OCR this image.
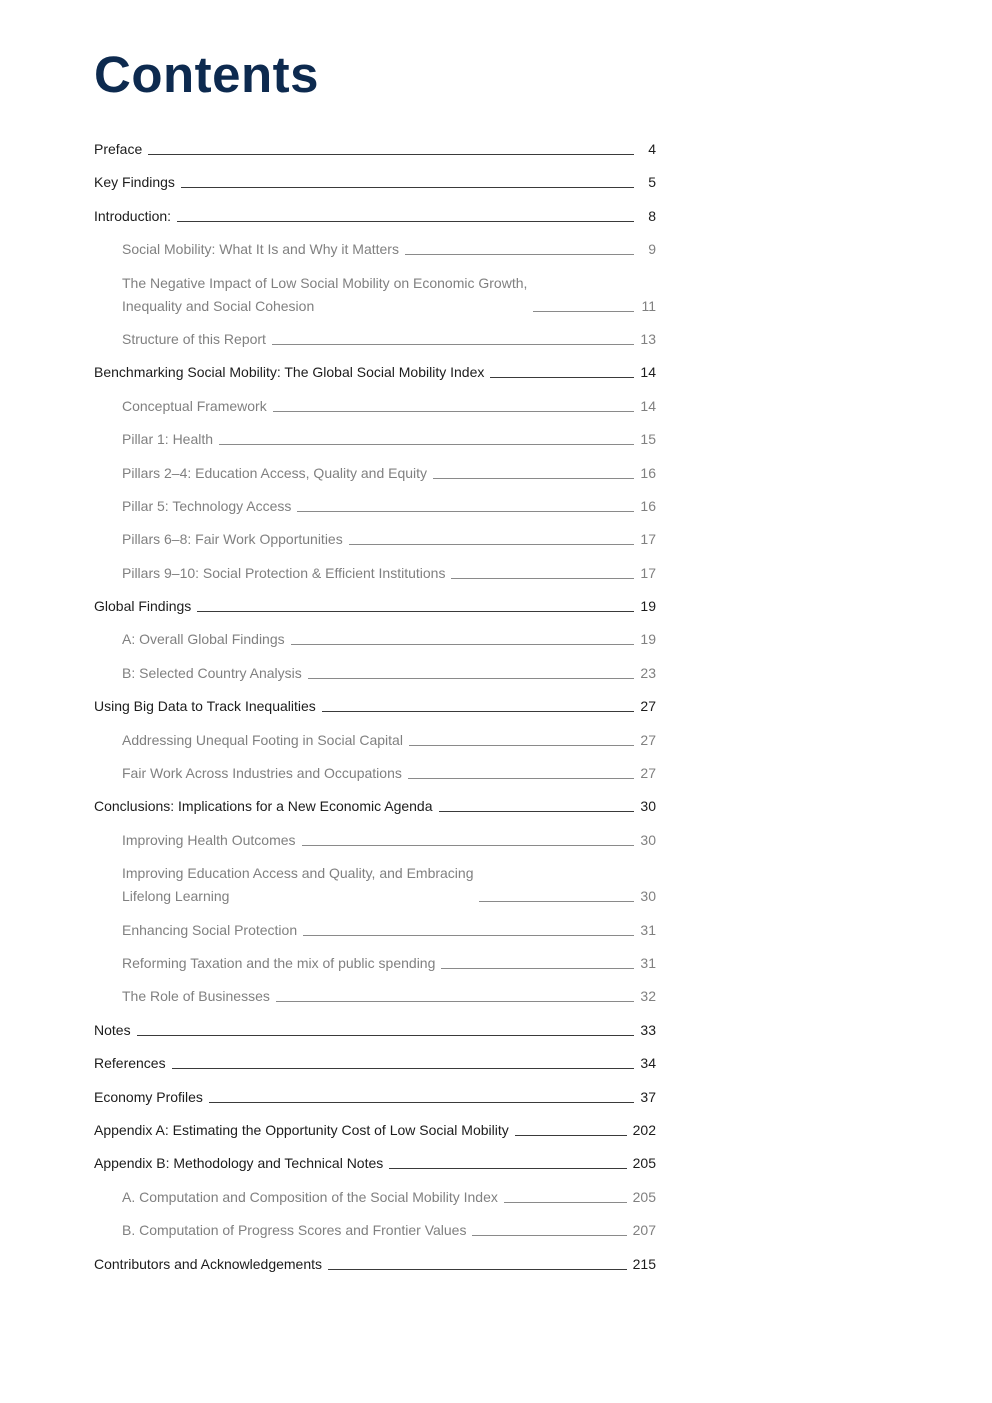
Contents
Preface	4
Key Findings	5
Introduction:	8
Social Mobility: What It Is and Why it Matters	9
The Negative Impact of Low Social Mobility on Economic Growth,
Inequality and Social Cohesion	11
Structure of this Report	13
Benchmarking Social Mobility: The Global Social Mobility Index	14
Conceptual Framework	14
Pillar 1: Health	15
Pillars 2–4: Education Access, Quality and Equity	16
Pillar 5: Technology Access	16
Pillars 6–8: Fair Work Opportunities	17
Pillars 9–10: Social Protection & Efficient Institutions	17
Global Findings	19
A: Overall Global Findings	19
B: Selected Country Analysis	23
Using Big Data to Track Inequalities	27
Addressing Unequal Footing in Social Capital	27
Fair Work Across Industries and Occupations	27
Conclusions: Implications for a New Economic Agenda	30
Improving Health Outcomes	30
Improving Education Access and Quality, and Embracing
Lifelong Learning	30
Enhancing Social Protection	31
Reforming Taxation and the mix of public spending	31
The Role of Businesses	32
Notes	33
References	34
Economy Profiles	37
Appendix A: Estimating the Opportunity Cost of Low Social Mobility	202
Appendix B: Methodology and Technical Notes	205
A. Computation and Composition of the Social Mobility Index	205
B. Computation of Progress Scores and Frontier Values	207
Contributors and Acknowledgements	215
